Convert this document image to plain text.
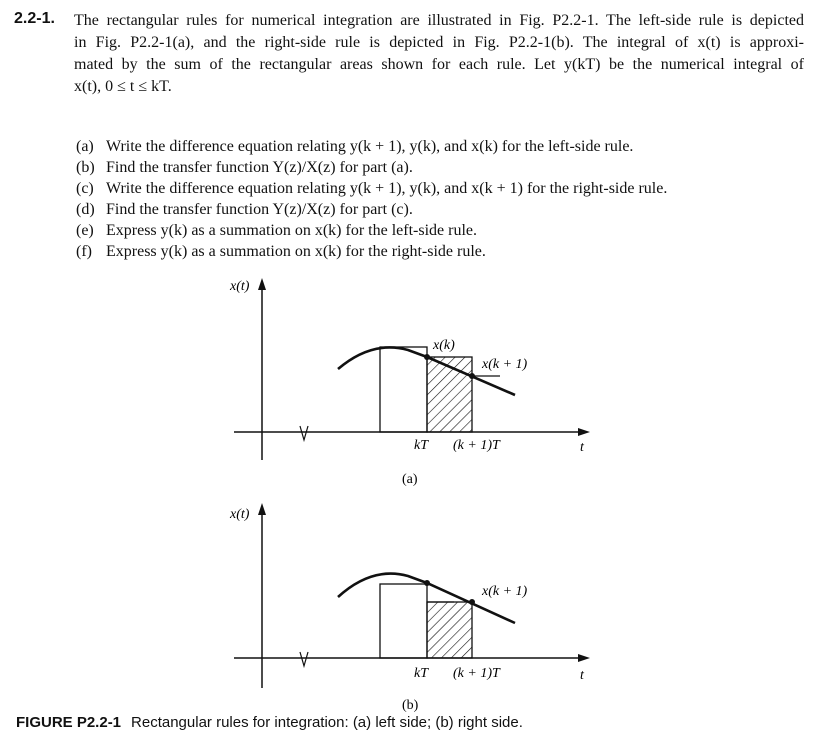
2.2-1. The rectangular rules for numerical integration are illustrated in Fig. P2.2-1. The left-side rule is depicted
in Fig. P2.2-1(a), and the right-side rule is depicted in Fig. P2.2-1(b). The integral of x(t) is approxi-
mated by the sum of the rectangular areas shown for each rule. Let y(kT) be the numerical integral of
x(t), 0 ≤ t ≤ kT.
(a) Write the difference equation relating y(k + 1), y(k), and x(k) for the left-side rule.
(b) Find the transfer function Y(z)/X(z) for part (a).
(c) Write the difference equation relating y(k + 1), y(k), and x(k + 1) for the right-side rule.
(d) Find the transfer function Y(z)/X(z) for part (c).
(e) Express y(k) as a summation on x(k) for the left-side rule.
(f) Express y(k) as a summation on x(k) for the right-side rule.
x(t)
t
x(k)
x(k + 1)
kT (k + 1)T
(a)
x(t)
t
x(k + 1)
kT (k + 1)T
(b)
FIGURE P2.2-1 Rectangular rules for integration: (a) left side; (b) right side.
